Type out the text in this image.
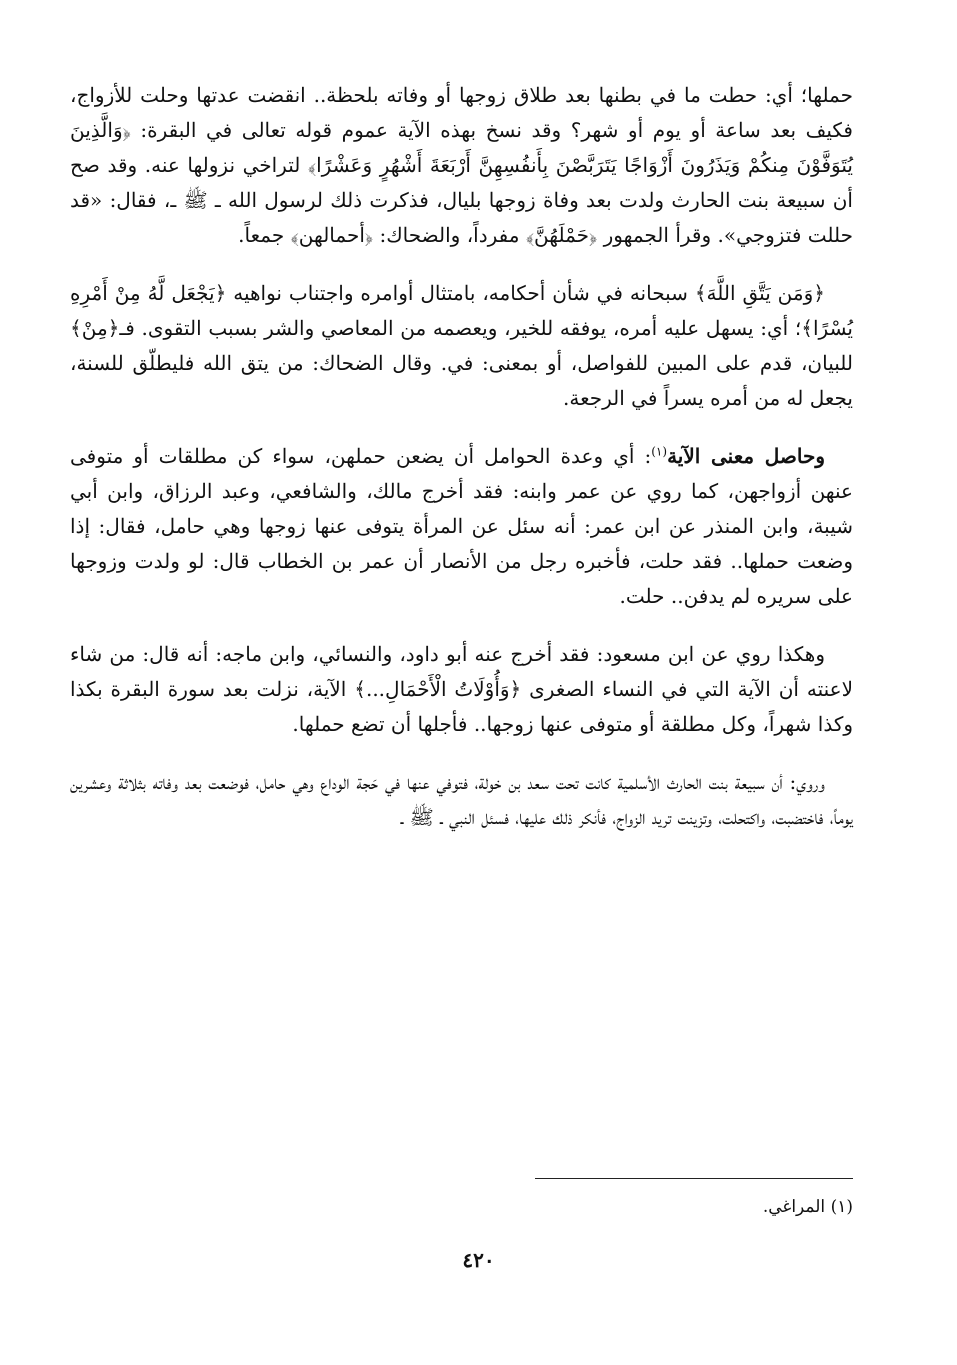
حملها؛ أي: حطت ما في بطنها بعد طلاق زوجها أو وفاته بلحظة.. انقضت عدتها وحلت للأزواج، فكيف بعد ساعة أو يوم أو شهر؟ وقد نسخ بهذه الآية عموم قوله تعالى في البقرة: ﴿وَالَّذِينَ يُتَوَفَّوْنَ مِنكُمْ وَيَذَرُونَ أَزْوَاجًا يَتَرَبَّصْنَ بِأَنفُسِهِنَّ أَرْبَعَةَ أَشْهُرٍ وَعَشْرًا﴾ لتراخي نزولها عنه. وقد صح أن سبيعة بنت الحارث ولدت بعد وفاة زوجها بليال، فذكرت ذلك لرسول الله ـ ﷺ ـ، فقال: «قد حللت فتزوجي». وقرأ الجمهور ﴿حَمْلَهُنَّ﴾ مفرداً، والضحاك: ﴿أحمالهن﴾ جمعاً.

﴿وَمَن يَتَّقِ اللَّهَ﴾ سبحانه في شأن أحكامه، بامتثال أوامره واجتناب نواهيه ﴿يَجْعَل لَّهُ مِنْ أَمْرِهِ يُسْرًا﴾؛ أي: يسهل عليه أمره، يوفقه للخير، ويعصمه من المعاصي والشر بسبب التقوى. فـ﴿مِنْ﴾ للبيان، قدم على المبين للفواصل، أو بمعنى: في. وقال الضحاك: من يتق الله فليطلّق للسنة، يجعل له من أمره يسراً في الرجعة.

وحاصل معنى الآية$^{(١)}$: أي وعدة الحوامل أن يضعن حملهن، سواء كن مطلقات أو متوفى عنهن أزواجهن، كما روي عن عمر وابنه: فقد أخرج مالك، والشافعي، وعبد الرزاق، وابن أبي شيبة، وابن المنذر عن ابن عمر: أنه سئل عن المرأة يتوفى عنها زوجها وهي حامل، فقال: إذا وضعت حملها.. فقد حلت، فأخبره رجل من الأنصار أن عمر بن الخطاب قال: لو ولدت وزوجها على سريره لم يدفن.. حلت.

وهكذا روي عن ابن مسعود: فقد أخرج عنه أبو داود، والنسائي، وابن ماجه: أنه قال: من شاء لاعنته أن الآية التي في النساء الصغرى ﴿وَأُوْلَاتُ الْأَحْمَالِ...﴾ الآية، نزلت بعد سورة البقرة بكذا وكذا شهراً، وكل مطلقة أو متوفى عنها زوجها.. فأجلها أن تضع حملها.

وروي: أن سبيعة بنت الحارث الأسلمية كانت تحت سعد بن خولة، فتوفي عنها في حَجة الوداع وهي حامل، فوضعت بعد وفاته بثلاثة وعشرين يوماً، فاختضبت، واكتحلت، وتزينت تريد الزواج، فأنكر ذلك عليها، فسئل النبي ـ ﷺ ـ

(١) المراغي.
٤٢٠
